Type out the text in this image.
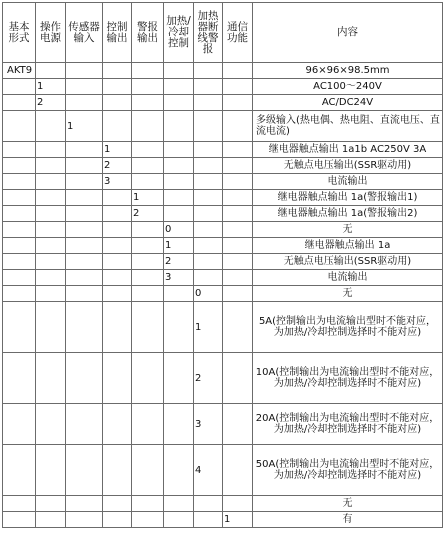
基本形式	操作电源	传感器输入	控制输出	警报输出	加热/冷却控制	加热器断线警报	通信功能	内容
AKT9								96×96×98.5mm
	1							AC100～240V
	2							AC/DC24V
		1						多级输入(热电偶、热电阻、直流电压、直流电流)
			1					继电器触点输出 1a1b AC250V 3A
			2					无触点电压输出(SSR驱动用)
			3					电流输出
				1				继电器触点输出 1a(警报输出1)
				2				继电器触点输出 1a(警报输出2)
					0			无
					1			继电器触点输出 1a
					2			无触点电压输出(SSR驱动用)
					3			电流输出
						0		无
						1		5A(控制输出为电流输出型时不能对应，为加热/冷却控制选择时不能对应)
						2		10A(控制输出为电流输出型时不能对应，为加热/冷却控制选择时不能对应)
						3		20A(控制输出为电流输出型时不能对应，为加热/冷却控制选择时不能对应)
						4		50A(控制输出为电流输出型时不能对应，为加热/冷却控制选择时不能对应)
								无
							1	有
